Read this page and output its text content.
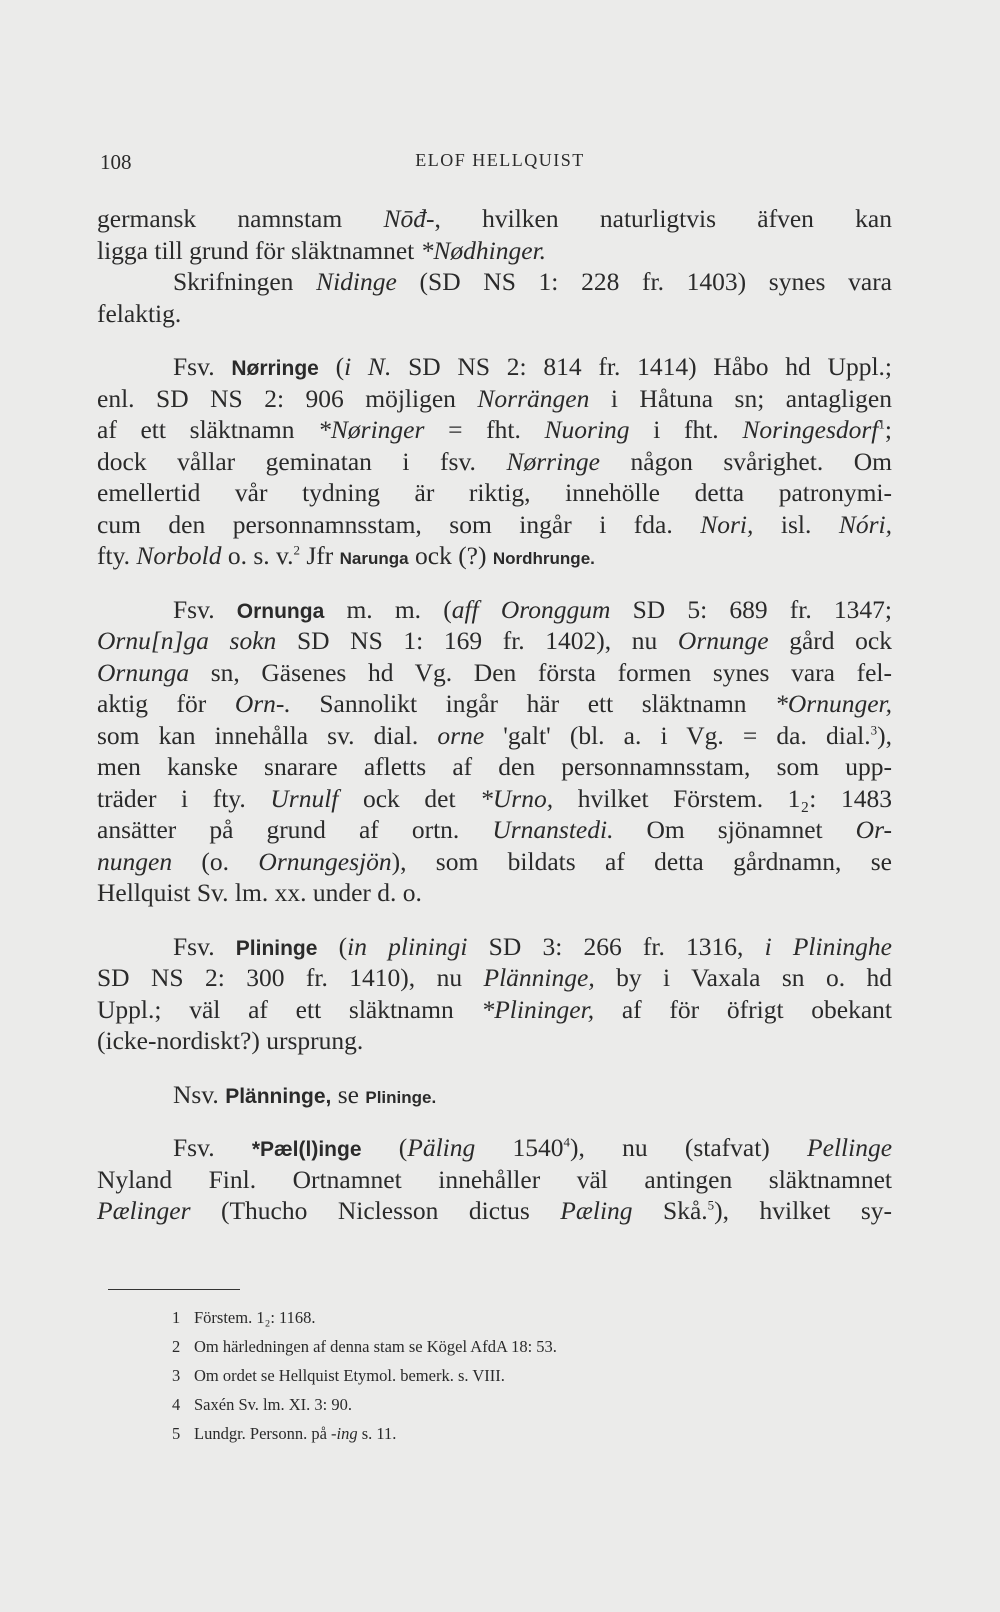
108	ELOF HELLQUIST
germansk namnstam Nōđ-, hvilken naturligtvis äfven kan
ligga till grund för släktnamnet *Nødhinger.
Skrifningen Nidinge (SD NS 1: 228 fr. 1403) synes vara
felaktig.
Fsv. Nørringe (i N. SD NS 2: 814 fr. 1414) Håbo hd Uppl.;
enl. SD NS 2: 906 möjligen Norrängen i Håtuna sn; antagligen
af ett släktnamn *Nøringer = fht. Nuoring i fht. Noringesdorf$^1$;
dock vållar geminatan i fsv. Nørringe någon svårighet. Om
emellertid vår tydning är riktig, innehölle detta patronymi-
cum den personnamnsstam, som ingår i fda. Nori, isl. Nóri,
fty. Norbold o. s. v.$^2$ Jfr Narunga ock (?) Nordhrunge.
Fsv. Ornunga m. m. (aff Oronggum SD 5: 689 fr. 1347;
Ornu[n]ga sokn SD NS 1: 169 fr. 1402), nu Ornunge gård ock
Ornunga sn, Gäsenes hd Vg. Den första formen synes vara fel-
aktig för Orn-. Sannolikt ingår här ett släktnamn *Ornunger,
som kan innehålla sv. dial. orne 'galt' (bl. a. i Vg. = da. dial.$^3$),
men kanske snarare afletts af den personnamnsstam, som upp-
träder i fty. Urnulf ock det *Urno, hvilket Förstem. 1₂: 1483
ansätter på grund af ortn. Urnanstedi. Om sjönamnet Or-
nungen (o. Ornungesjön), som bildats af detta gårdnamn, se
Hellquist Sv. lm. xx. under d. o.
Fsv. Plininge (in pliningi SD 3: 266 fr. 1316, i Plininghe
SD NS 2: 300 fr. 1410), nu Plänninge, by i Vaxala sn o. hd
Uppl.; väl af ett släktnamn *Plininger, af för öfrigt obekant
(icke-nordiskt?) ursprung.
Nsv. Plänninge, se Plininge.
Fsv. *Pæl(l)inge (Päling 1540$^4$), nu (stafvat) Pellinge
Nyland Finl. Ortnamnet innehåller väl antingen släktnamnet
Pælinger (Thucho Niclesson dictus Pæling Skå.$^5$), hvilket sy-
1 Förstem. 1₂: 1168.
2 Om härledningen af denna stam se Kögel AfdA 18: 53.
3 Om ordet se Hellquist Etymol. bemerk. s. VIII.
4 Saxén Sv. lm. XI. 3: 90.
5 Lundgr. Personn. på -ing s. 11.
